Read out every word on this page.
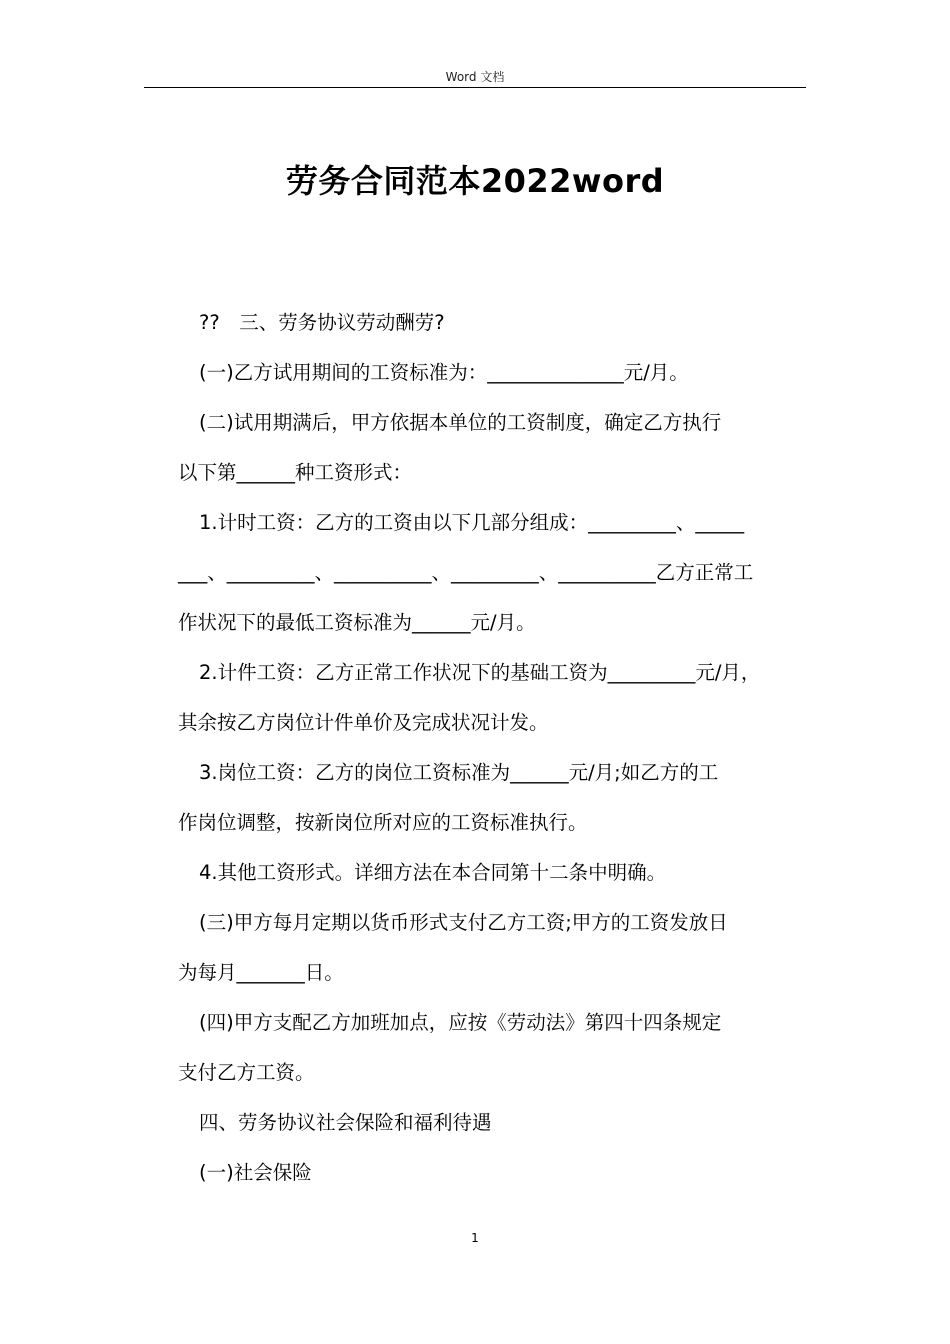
Word 文档
劳务合同范本2022word

??　三、劳务协议劳动酬劳?

(一)乙方试用期间的工资标准为：______________元/月。

(二)试用期满后，甲方依据本单位的工资制度，确定乙方执行

以下第______种工资形式：

1.计时工资：乙方的工资由以下几部分组成：_________、_____

___、_________、__________、_________、__________乙方正常工

作状况下的最低工资标准为______元/月。

2.计件工资：乙方正常工作状况下的基础工资为_________元/月，

其余按乙方岗位计件单价及完成状况计发。

3.岗位工资：乙方的岗位工资标准为______元/月;如乙方的工

作岗位调整，按新岗位所对应的工资标准执行。

4.其他工资形式。详细方法在本合同第十二条中明确。

(三)甲方每月定期以货币形式支付乙方工资;甲方的工资发放日

为每月_______日。

(四)甲方支配乙方加班加点，应按《劳动法》第四十四条规定

支付乙方工资。

四、劳务协议社会保险和福利待遇

(一)社会保险

1
